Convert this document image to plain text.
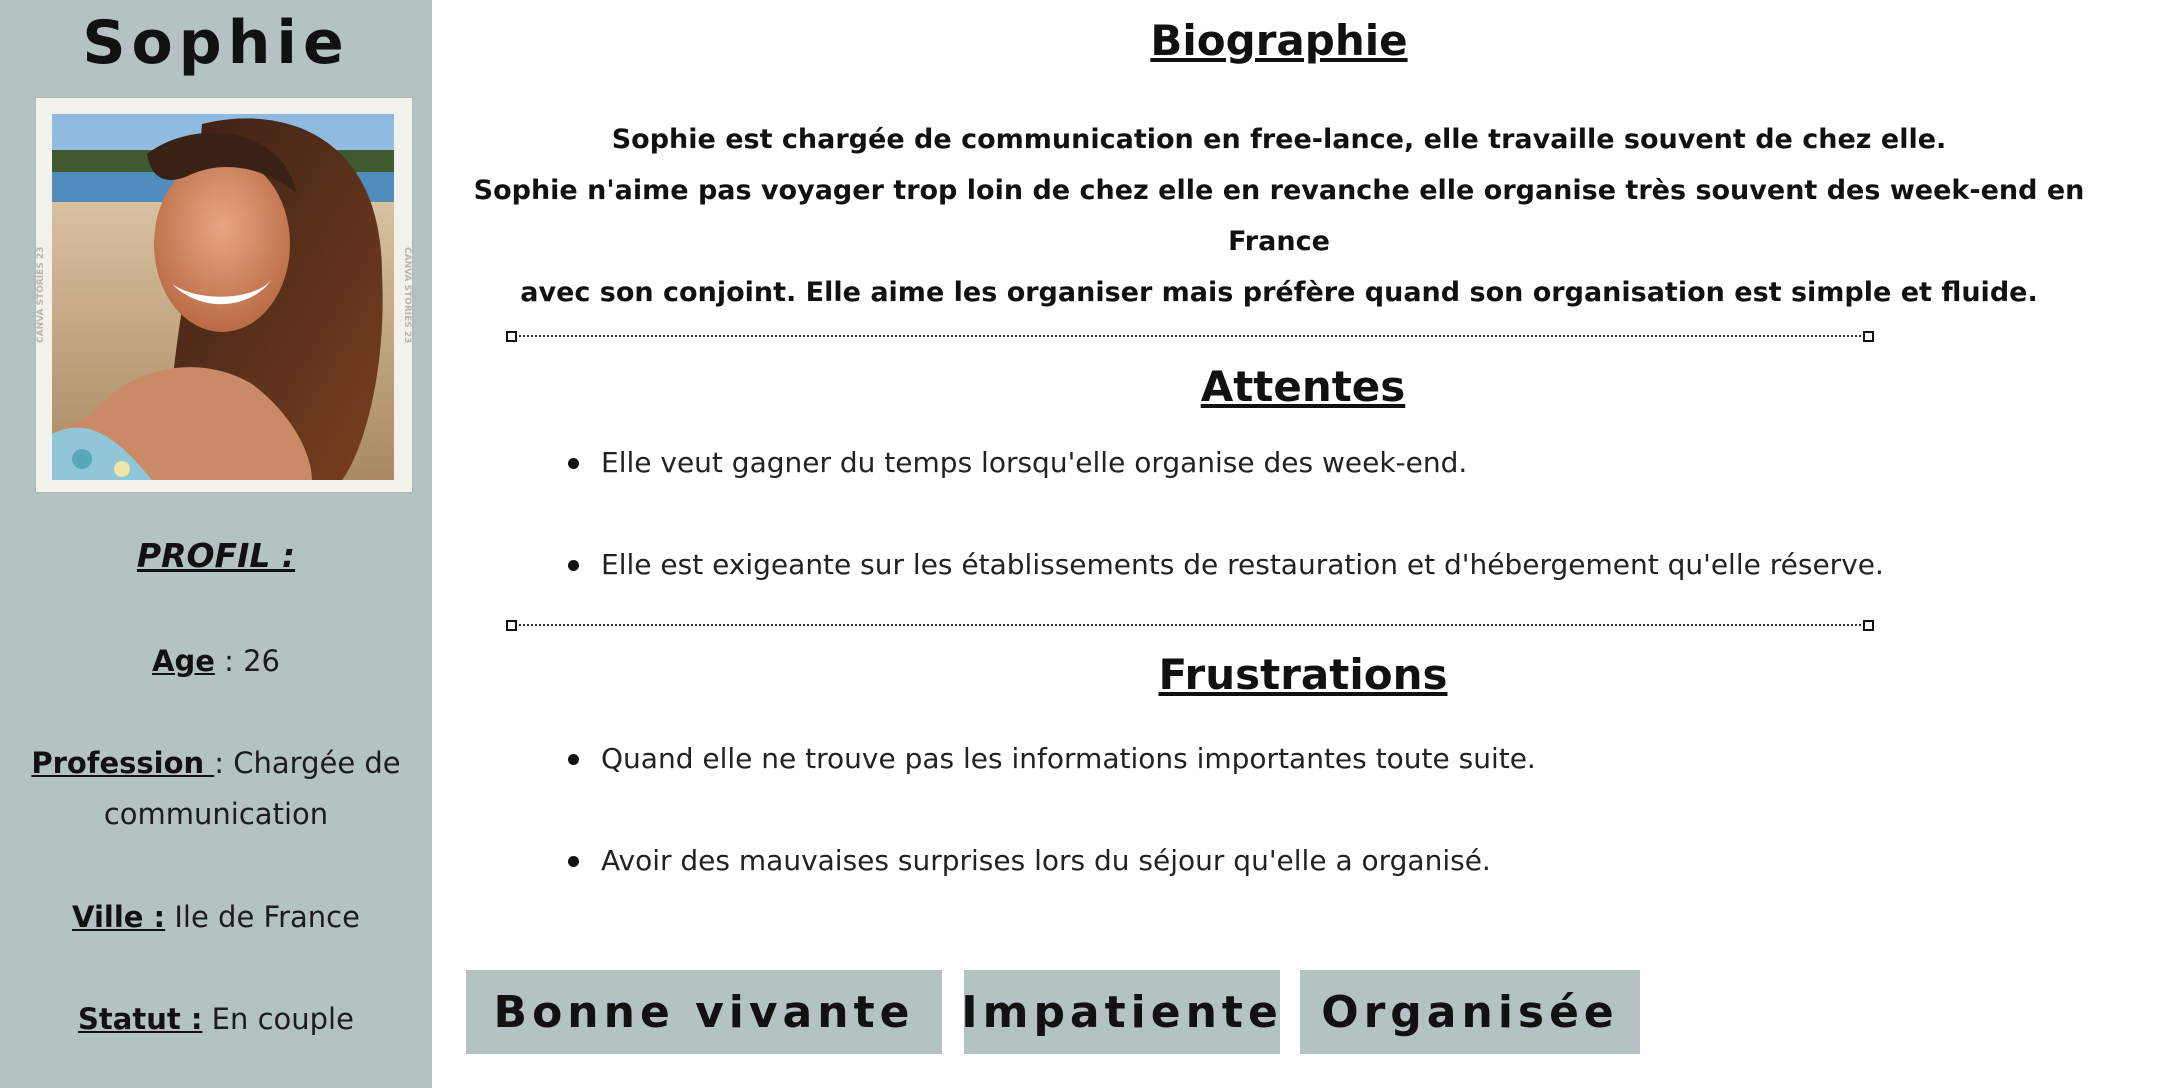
Sophie
CANVA STORIES 23	CANVA STORIES 23
PROFIL :
Age : 26
Profession : Chargée de communication
Ville : Ile de France
Statut : En couple
Biographie
Sophie est chargée de communication en free-lance, elle travaille souvent de chez elle.
Sophie n'aime pas voyager trop loin de chez elle en revanche elle organise très souvent des week-end en France
avec son conjoint. Elle aime les organiser mais préfère quand son organisation est simple et fluide.
Attentes
Elle veut gagner du temps lorsqu'elle organise des week-end.
Elle est exigeante sur les établissements de restauration et d'hébergement qu'elle réserve.
Frustrations
Quand elle ne trouve pas les informations importantes toute suite.
Avoir des mauvaises surprises lors du séjour qu'elle a organisé.
Bonne vivante	Impatiente Organisée
